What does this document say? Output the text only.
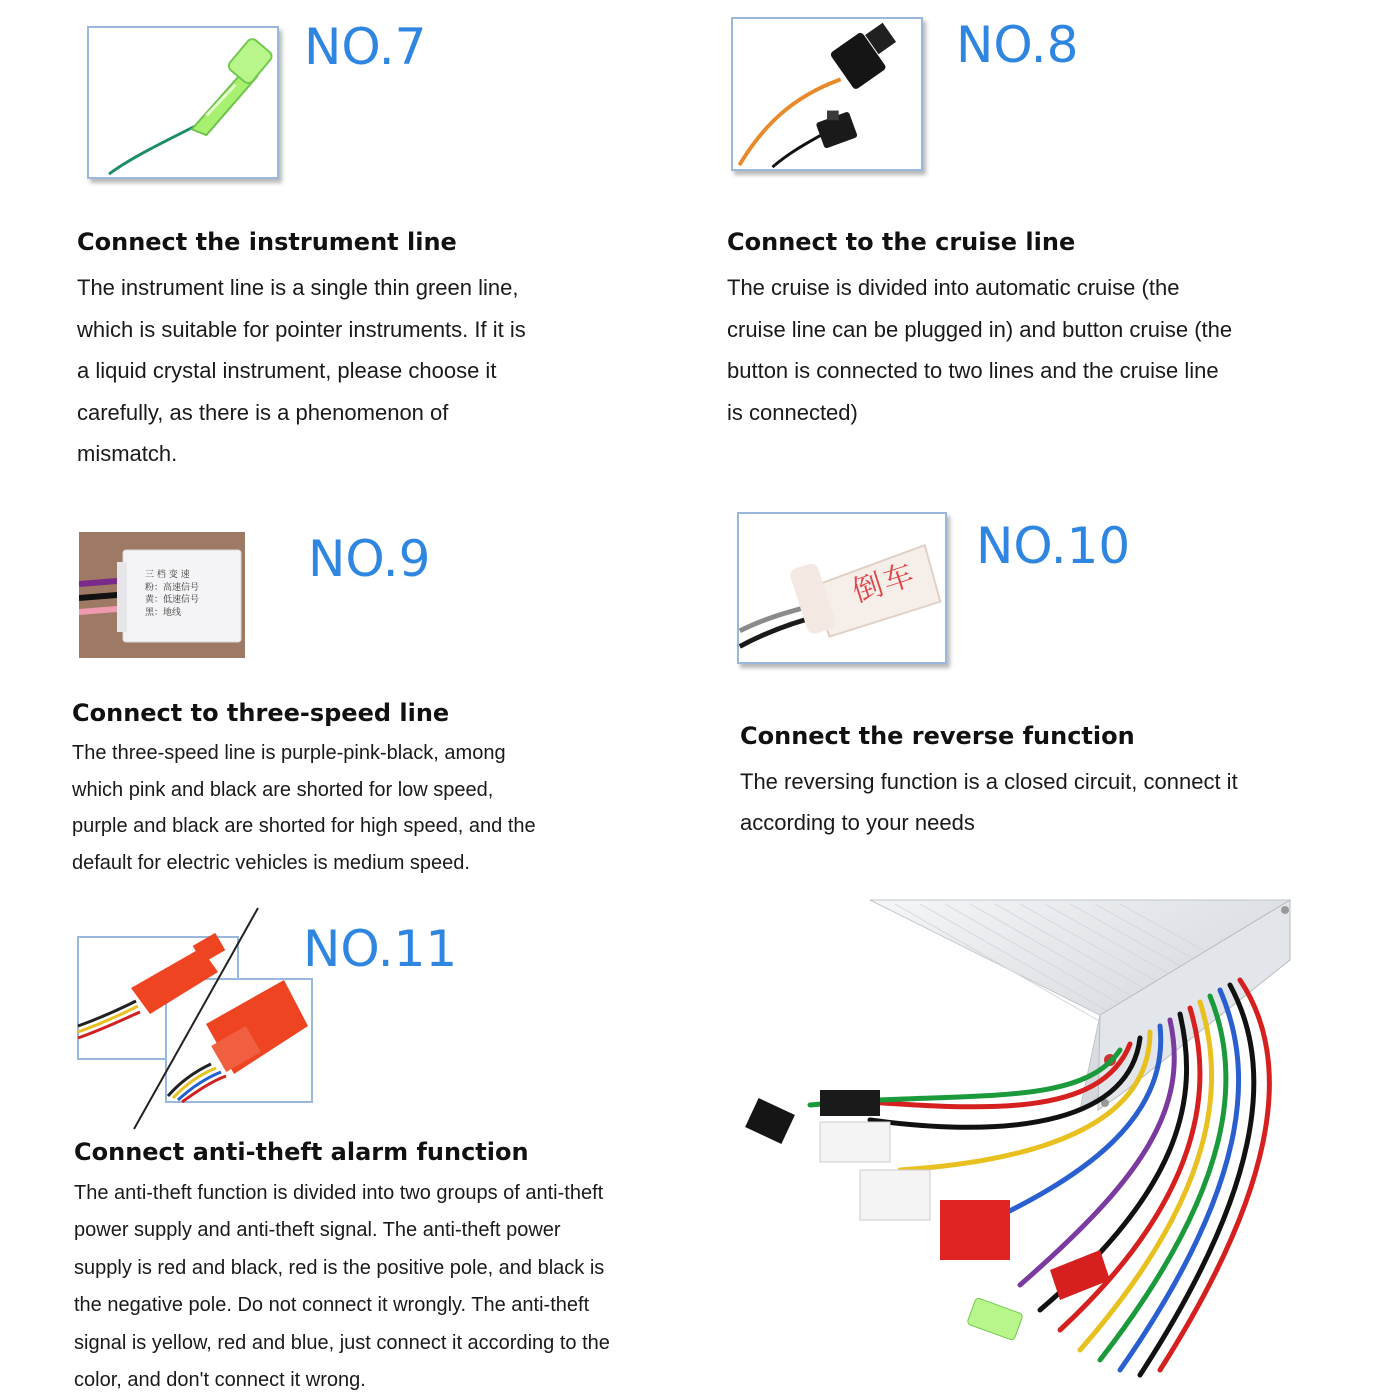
NO.7
Connect the instrument line

The instrument line is a single thin green line,

which is suitable for pointer instruments. If it is

a liquid crystal instrument, please choose it

carefully, as there is a phenomenon of

mismatch.

NO.8
Connect to the cruise line

The cruise is divided into automatic cruise (the

cruise line can be plugged in) and button cruise (the

button is connected to two lines and the cruise line

is connected)

三 档 变 速
粉：高速信号
黄：低速信号
黑：地线
NO.9
Connect to three-speed line

The three-speed line is purple-pink-black, among

which pink and black are shorted for low speed,

purple and black are shorted for high speed, and the

default for electric vehicles is medium speed.

倒车
NO.10
Connect the reverse function

The reversing function is a closed circuit, connect it

according to your needs

NO.11
Connect anti-theft alarm function

The anti-theft function is divided into two groups of anti-theft

power supply and anti-theft signal. The anti-theft power

supply is red and black, red is the positive pole, and black is

the negative pole. Do not connect it wrongly. The anti-theft

signal is yellow, red and blue, just connect it according to the

color, and don't connect it wrong.
